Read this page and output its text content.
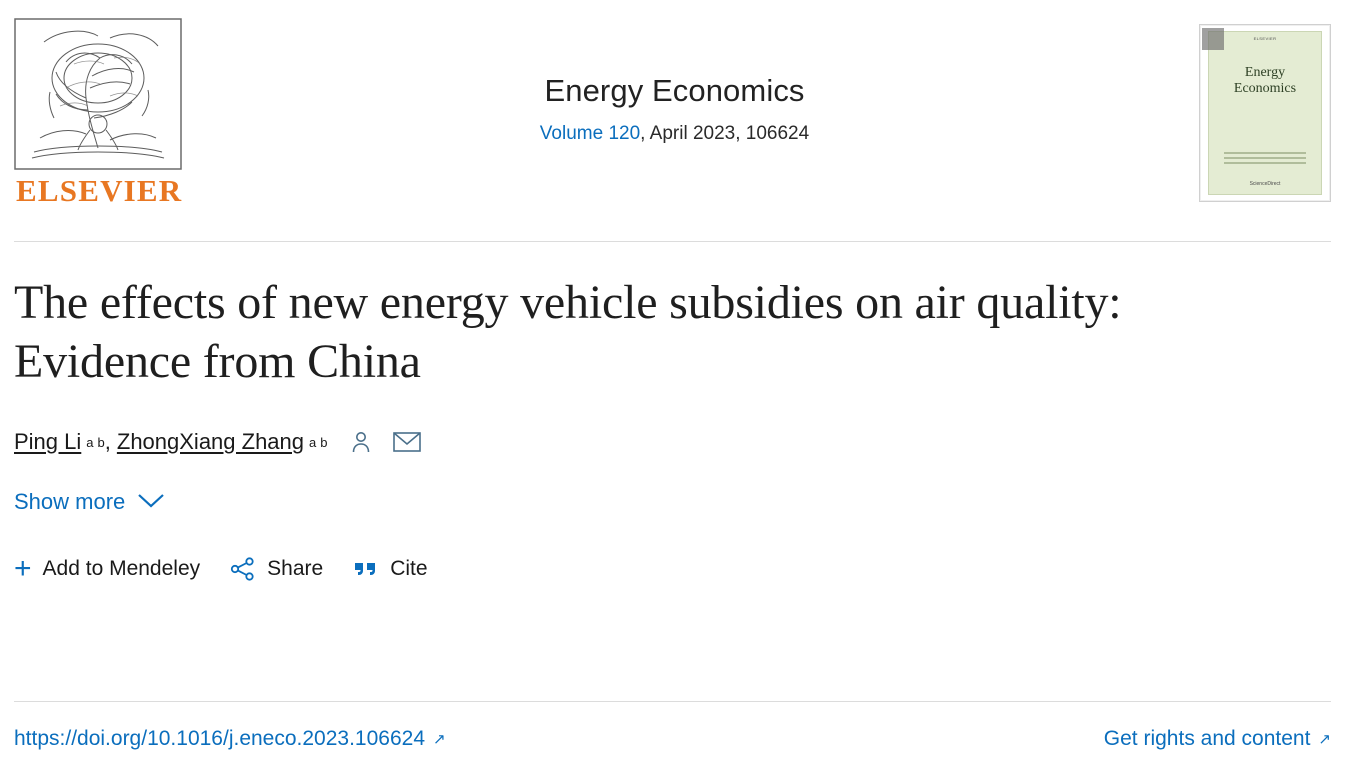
ELSEVIER
Energy Economics
Volume 120, April 2023, 106624
ELSEVIER
Energy
Economics
ScienceDirect
The effects of new energy vehicle subsidies on air quality: Evidence from China
Ping Li a b , ZhongXiang Zhang a b
Show more
+ Add to Mendeley	Share	Cite
https://doi.org/10.1016/j.eneco.2023.106624 ↗	Get rights and content ↗
